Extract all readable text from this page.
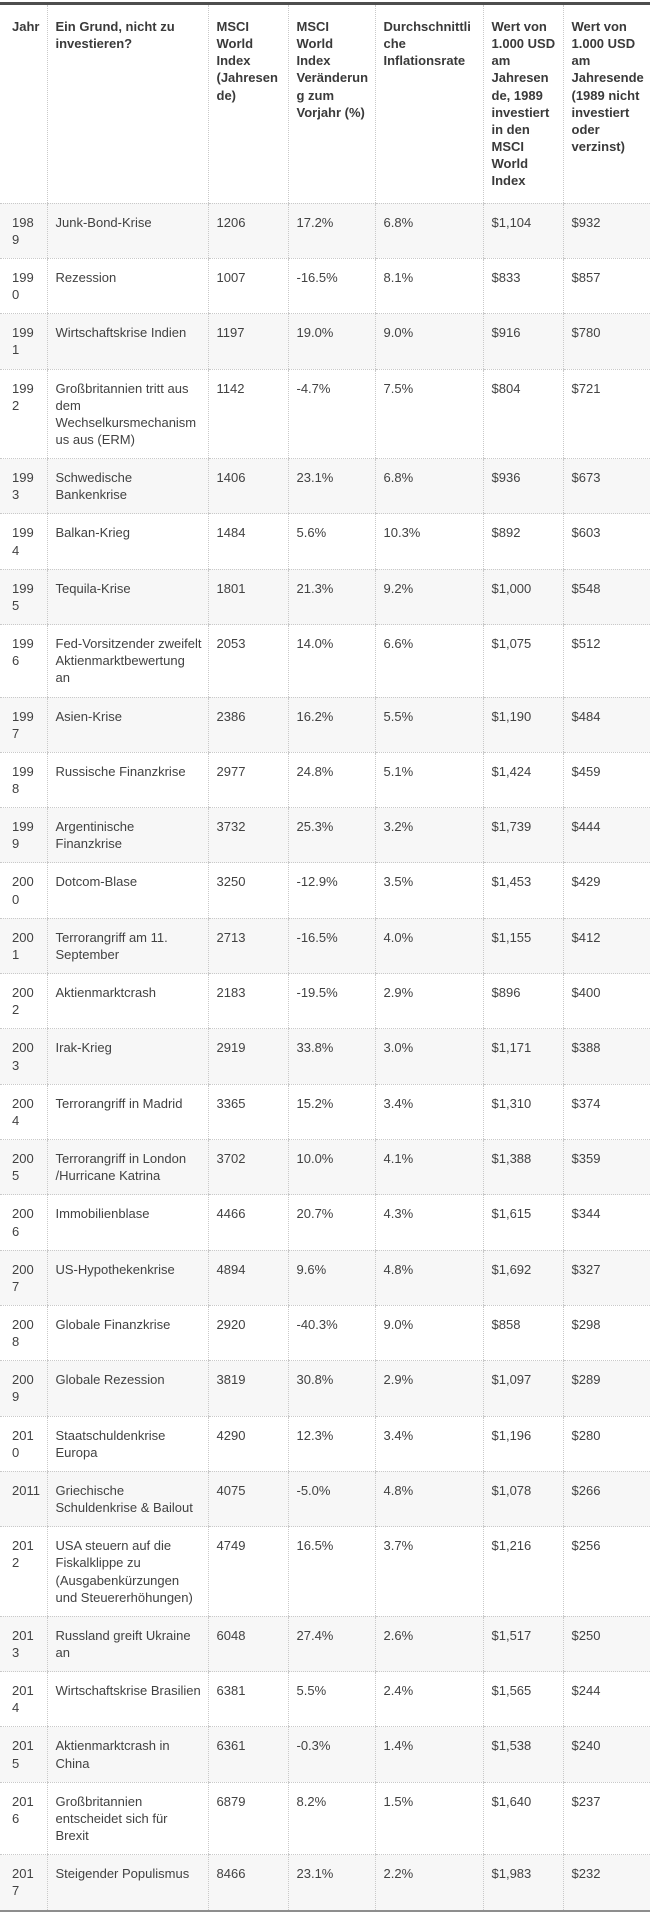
Jahr	Ein Grund, nicht zu investieren?	MSCI World Index (Jahresende)	MSCI World Index Veränderung zum Vorjahr (%)	Durchschnittliche Inflationsrate	Wert von 1.000 USD am Jahresende, 1989 investiert in den MSCI World Index	Wert von 1.000 USD am Jahresende (1989 nicht investiert oder verzinst)
1989	Junk-Bond-Krise	1206	17.2%	6.8%	$1,104	$932
1990	Rezession	1007	-16.5%	8.1%	$833	$857
1991	Wirtschaftskrise Indien	1197	19.0%	9.0%	$916	$780
1992	Großbritannien tritt aus dem Wechselkursmechanismus aus (ERM)	1142	-4.7%	7.5%	$804	$721
1993	Schwedische Bankenkrise	1406	23.1%	6.8%	$936	$673
1994	Balkan-Krieg	1484	5.6%	10.3%	$892	$603
1995	Tequila-Krise	1801	21.3%	9.2%	$1,000	$548
1996	Fed-Vorsitzender zweifelt Aktienmarktbewertung an	2053	14.0%	6.6%	$1,075	$512
1997	Asien-Krise	2386	16.2%	5.5%	$1,190	$484
1998	Russische Finanzkrise	2977	24.8%	5.1%	$1,424	$459
1999	Argentinische Finanzkrise	3732	25.3%	3.2%	$1,739	$444
2000	Dotcom-Blase	3250	-12.9%	3.5%	$1,453	$429
2001	Terrorangriff am 11. September	2713	-16.5%	4.0%	$1,155	$412
2002	Aktienmarktcrash	2183	-19.5%	2.9%	$896	$400
2003	Irak-Krieg	2919	33.8%	3.0%	$1,171	$388
2004	Terrorangriff in Madrid	3365	15.2%	3.4%	$1,310	$374
2005	Terrorangriff in London /Hurricane Katrina	3702	10.0%	4.1%	$1,388	$359
2006	Immobilienblase	4466	20.7%	4.3%	$1,615	$344
2007	US-Hypothekenkrise	4894	9.6%	4.8%	$1,692	$327
2008	Globale Finanzkrise	2920	-40.3%	9.0%	$858	$298
2009	Globale Rezession	3819	30.8%	2.9%	$1,097	$289
2010	Staatschuldenkrise Europa	4290	12.3%	3.4%	$1,196	$280
2011	Griechische Schuldenkrise & Bailout	4075	-5.0%	4.8%	$1,078	$266
2012	USA steuern auf die Fiskalklippe zu (Ausgabenkürzungen und Steuererhöhungen)	4749	16.5%	3.7%	$1,216	$256
2013	Russland greift Ukraine an	6048	27.4%	2.6%	$1,517	$250
2014	Wirtschaftskrise Brasilien	6381	5.5%	2.4%	$1,565	$244
2015	Aktienmarktcrash in China	6361	-0.3%	1.4%	$1,538	$240
2016	Großbritannien entscheidet sich für Brexit	6879	8.2%	1.5%	$1,640	$237
2017	Steigender Populismus	8466	23.1%	2.2%	$1,983	$232
